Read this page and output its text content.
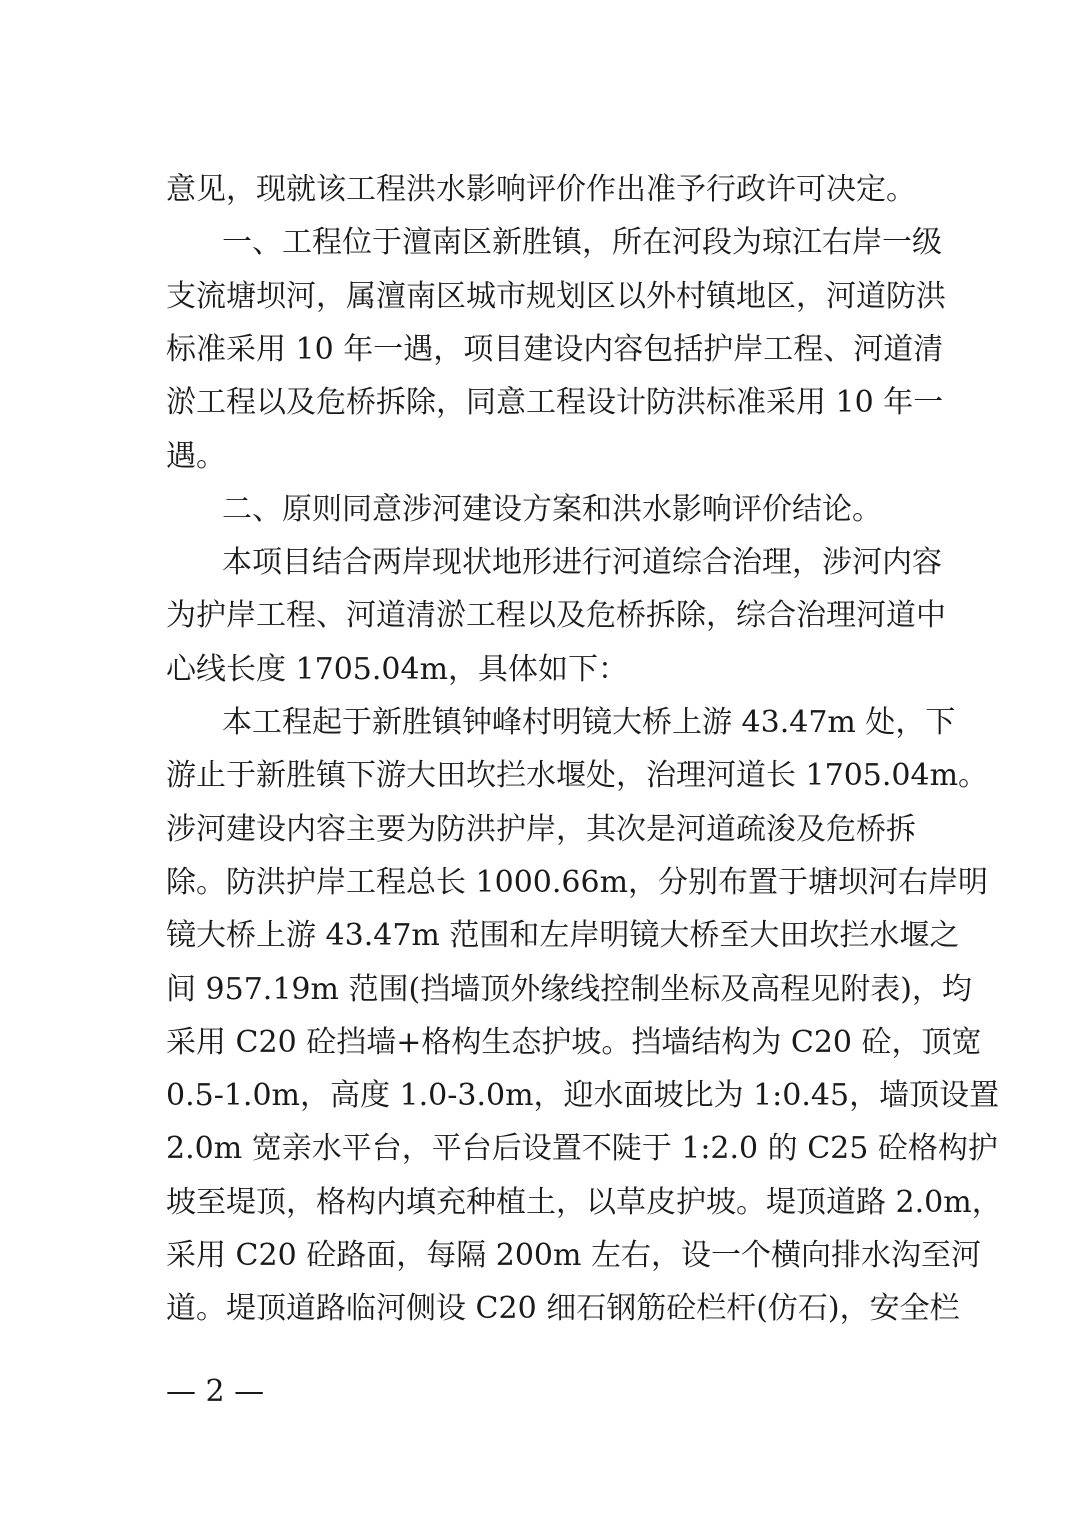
意见，现就该工程洪水影响评价作出准予行政许可决定。
一、工程位于澶南区新胜镇，所在河段为琼江右岸一级
支流塘坝河，属澶南区城市规划区以外村镇地区，河道防洪
标准采用 10 年一遇，项目建设内容包括护岸工程、河道清
淤工程以及危桥拆除，同意工程设计防洪标准采用 10 年一
遇。
二、原则同意涉河建设方案和洪水影响评价结论。
本项目结合两岸现状地形进行河道综合治理，涉河内容
为护岸工程、河道清淤工程以及危桥拆除，综合治理河道中
心线长度 1705.04m，具体如下：
本工程起于新胜镇钟峰村明镜大桥上游 43.47m 处，下
游止于新胜镇下游大田坎拦水堰处，治理河道长 1705.04m。
涉河建设内容主要为防洪护岸，其次是河道疏浚及危桥拆
除。防洪护岸工程总长 1000.66m，分别布置于塘坝河右岸明
镜大桥上游 43.47m 范围和左岸明镜大桥至大田坎拦水堰之
间 957.19m 范围(挡墙顶外缘线控制坐标及高程见附表)，均
采用 C20 砼挡墙+格构生态护坡。挡墙结构为 C20 砼，顶宽
0.5-1.0m，高度 1.0-3.0m，迎水面坡比为 1:0.45，墙顶设置
2.0m 宽亲水平台，平台后设置不陡于 1:2.0 的 C25 砼格构护
坡至堤顶，格构内填充种植土，以草皮护坡。堤顶道路 2.0m，
采用 C20 砼路面，每隔 200m 左右，设一个横向排水沟至河
道。堤顶道路临河侧设 C20 细石钢筋砼栏杆(仿石)，安全栏
— 2 —
